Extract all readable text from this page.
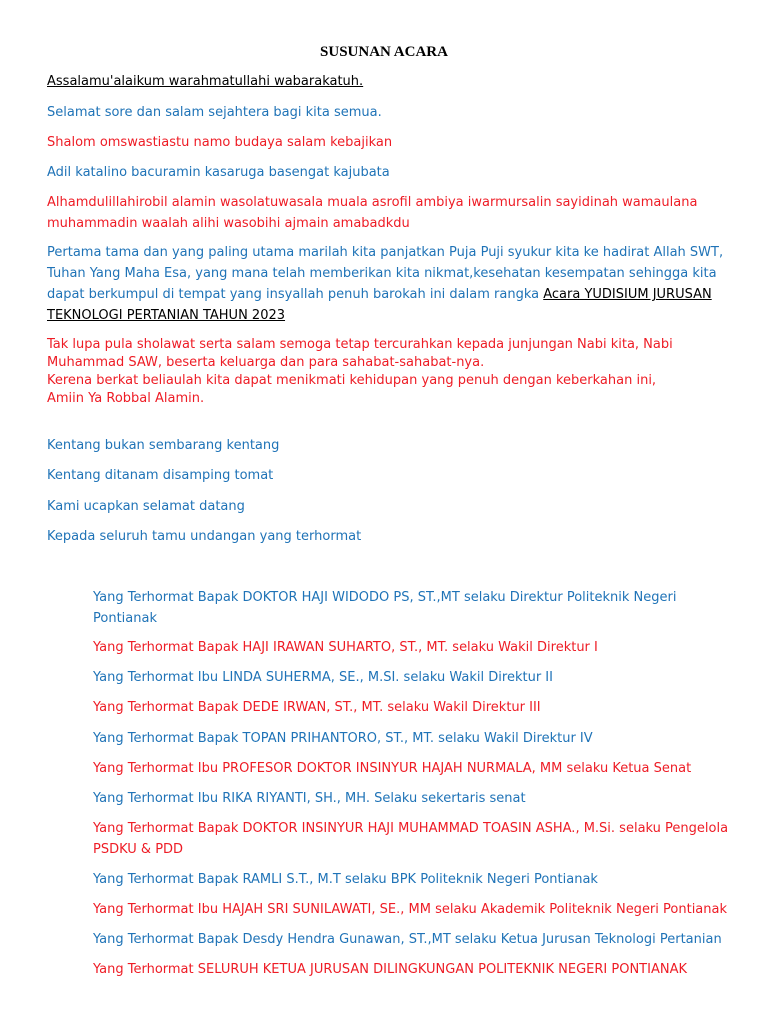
SUSUNAN ACARA

Assalamu'alaikum warahmatullahi wabarakatuh.

Selamat sore dan salam sejahtera bagi kita semua.

Shalom omswastiastu namo budaya salam kebajikan

Adil katalino bacuramin kasaruga basengat kajubata

Alhamdulillahirobil alamin wasolatuwasala muala asrofil ambiya iwarmursalin sayidinah wamaulana
muhammadin waalah alihi wasobihi ajmain amabadkdu
Pertama tama dan yang paling utama marilah kita panjatkan Puja Puji syukur kita ke hadirat Allah SWT,
Tuhan Yang Maha Esa, yang mana telah memberikan kita nikmat,kesehatan kesempatan sehingga kita
dapat berkumpul di tempat yang insyallah penuh barokah ini dalam rangka Acara YUDISIUM JURUSAN
TEKNOLOGI PERTANIAN TAHUN 2023
Tak lupa pula sholawat serta salam semoga tetap tercurahkan kepada junjungan Nabi kita, Nabi
Muhammad SAW, beserta keluarga dan para sahabat-sahabat-nya.
Kerena berkat beliaulah kita dapat menikmati kehidupan yang penuh dengan keberkahan ini,
Amiin Ya Robbal Alamin.

Kentang bukan sembarang kentang

Kentang ditanam disamping tomat

Kami ucapkan selamat datang

Kepada seluruh tamu undangan yang terhormat

Yang Terhormat Bapak DOKTOR HAJI WIDODO PS, ST.,MT selaku Direktur Politeknik Negeri
Pontianak

Yang Terhormat Bapak HAJI IRAWAN SUHARTO, ST., MT. selaku Wakil Direktur I

Yang Terhormat Ibu LINDA SUHERMA, SE., M.SI. selaku Wakil Direktur II

Yang Terhormat Bapak DEDE IRWAN, ST., MT. selaku Wakil Direktur III

Yang Terhormat Bapak TOPAN PRIHANTORO, ST., MT. selaku Wakil Direktur IV

Yang Terhormat Ibu PROFESOR DOKTOR INSINYUR HAJAH NURMALA, MM selaku Ketua Senat

Yang Terhormat Ibu RIKA RIYANTI, SH., MH. Selaku sekertaris senat

Yang Terhormat Bapak DOKTOR INSINYUR HAJI MUHAMMAD TOASIN ASHA., M.Si. selaku Pengelola
PSDKU & PDD

Yang Terhormat Bapak RAMLI S.T., M.T selaku BPK Politeknik Negeri Pontianak

Yang Terhormat Ibu HAJAH SRI SUNILAWATI, SE., MM selaku Akademik Politeknik Negeri Pontianak

Yang Terhormat Bapak Desdy Hendra Gunawan, ST.,MT selaku Ketua Jurusan Teknologi Pertanian

Yang Terhormat SELURUH KETUA JURUSAN DILINGKUNGAN POLITEKNIK NEGERI PONTIANAK
